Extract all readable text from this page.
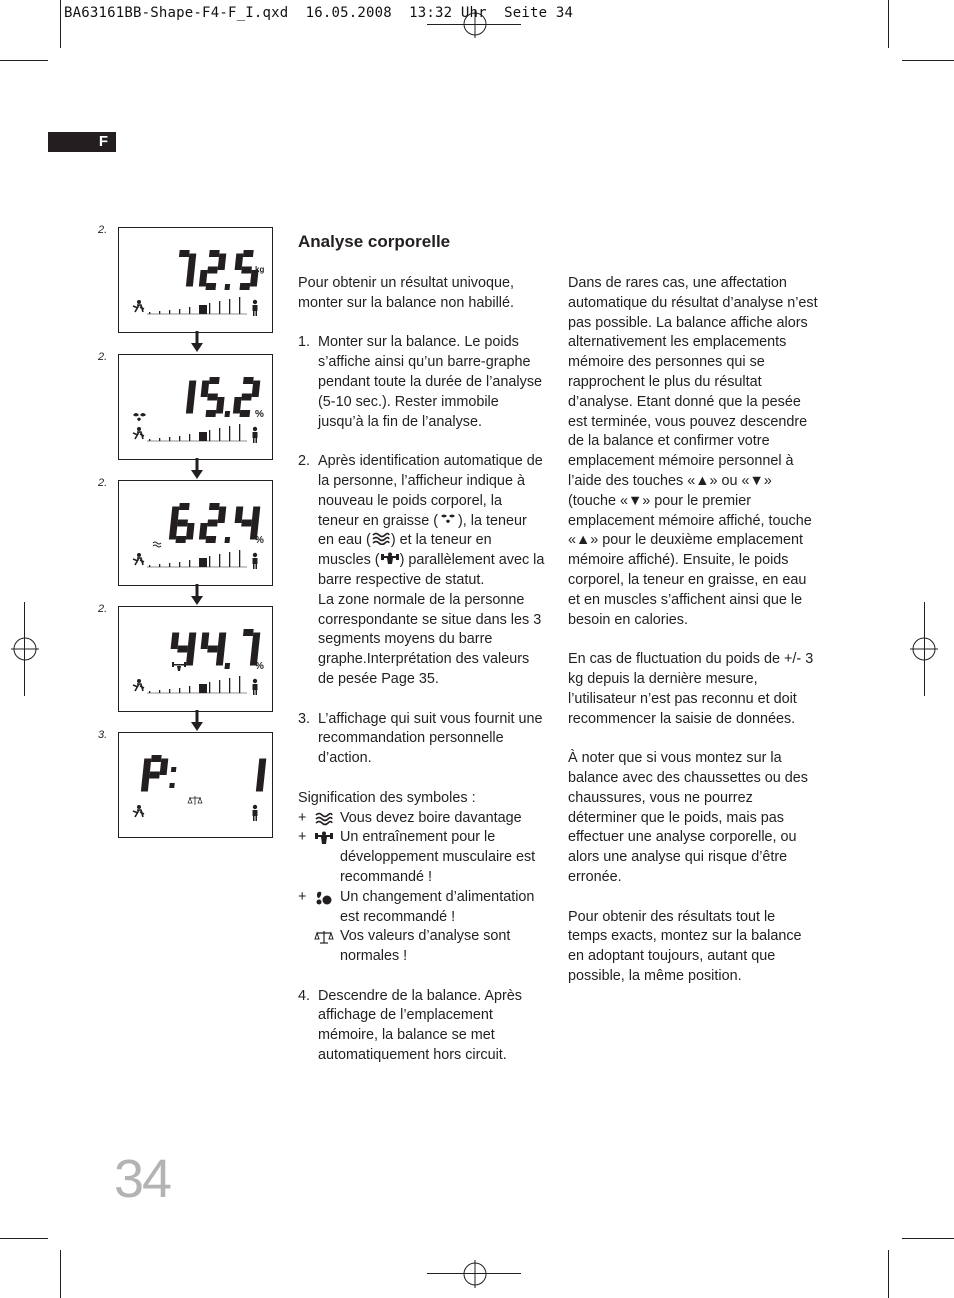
BA63161BB-Shape-F4-F_I.qxd  16.05.2008  13:32 Uhr  Seite 34
F
2.
kg
2.
%
2.
%
2.
%
3.
Analyse corporelle

Pour obtenir un résultat univoque, monter sur la balance non habillé.

1. Monter sur la balance. Le poids s’affiche ainsi qu’un barre-graphe pendant toute la durée de l’analyse (5-10 sec.). Rester immobile jusqu’à la fin de l’analyse.
2. Après identification automatique de la personne, l’afficheur indique à nouveau le poids corporel, la teneur en graisse ( ), la teneur en eau ( ) et la teneur en muscles ( ) parallèlement avec la barre respective de statut.
La zone normale de la personne correspondante se situe dans les 3 segments moyens du barre graphe.Interprétation des valeurs de pesée Page 35.
3. L’affichage qui suit vous fournit une recommandation personnelle d’action.

Signification des symboles :

+ Vous devez boire davantage
+ Un entraînement pour le développement musculaire est recommandé !
+ Un changement d’alimentation est recommandé !
Vos valeurs d’analyse sont normales !
4. Descendre de la balance. Après affichage de l’emplacement mémoire, la balance se met automatiquement hors circuit.

Dans de rares cas, une affectation automatique du résultat d’analyse n’est pas possible. La balance affiche alors alternativement les emplacements mémoire des personnes qui se rapprochent le plus du résultat d’analyse. Etant donné que la pesée est terminée, vous pouvez descendre de la balance et confirmer votre emplacement mémoire personnel à l’aide des touches «▲» ou «▼» (touche «▼» pour le premier emplacement mémoire affiché, touche «▲» pour le deuxième emplacement mémoire affiché). Ensuite, le poids corporel, la teneur en graisse, en eau et en muscles s’affichent ainsi que le besoin en calories.

En cas de fluctuation du poids de +/- 3 kg depuis la dernière mesure, l’utilisateur n’est pas reconnu et doit recommencer la saisie de données.

À noter que si vous montez sur la balance avec des chaussettes ou des chaussures, vous ne pourrez déterminer que le poids, mais pas effectuer une analyse corporelle, ou alors une analyse qui risque d’être erronée.

Pour obtenir des résultats tout le temps exacts, montez sur la balance en adoptant toujours, autant que possible, la même position.

34
